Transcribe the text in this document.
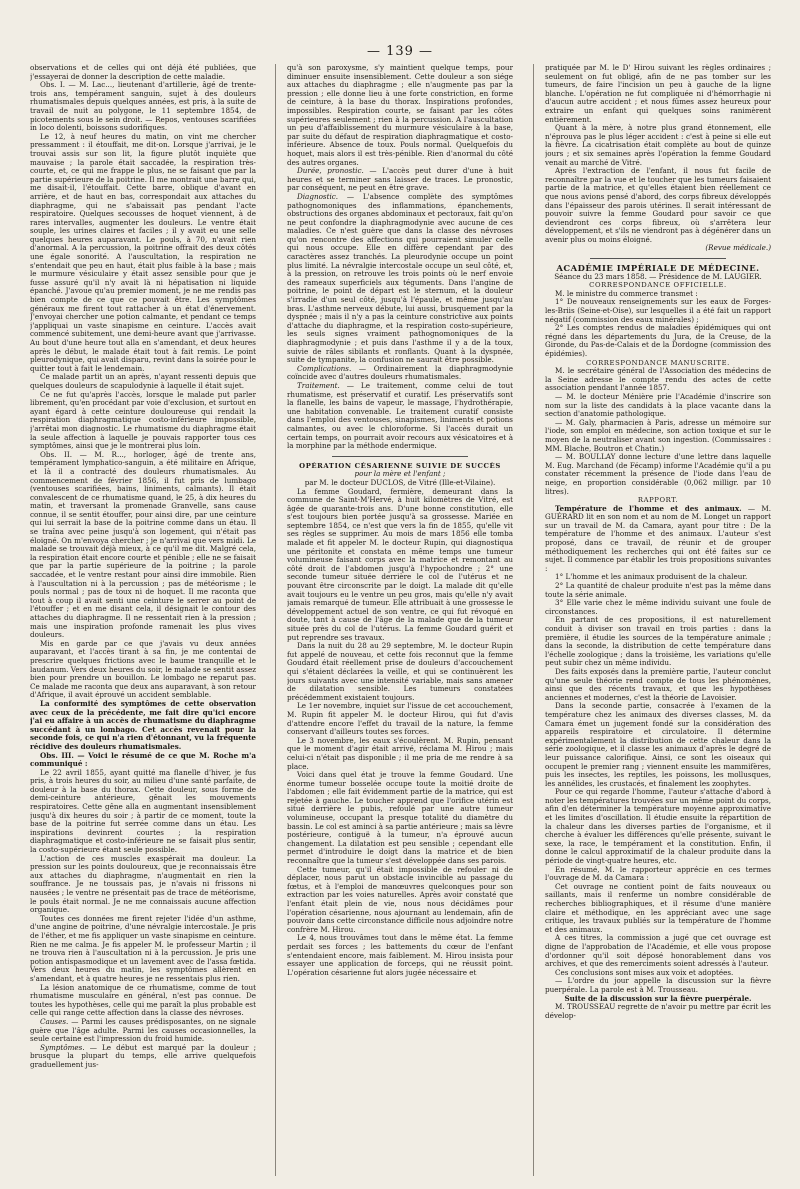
— 139 —

observations et de celles qui ont déjà été publiées, que j'essayerai de donner la description de cette maladie.

Obs. I. — M. Lac..., lieutenant d'artillerie, âgé de trente-trois ans, tempérament sanguin, sujet à des douleurs rhumatismales depuis quelques années, est pris, à la suite de travail de nuit au polygone, le 11 septembre 1854, de picotements sous le sein droit. — Repos, ventouses scarifiées in loco dolenti, boissons sudorifiques.

Le 12, à neuf heures du matin, on vint me chercher pressamment : il étouffait, me dit-on. Lorsque j'arrivai, je le trouvai assis sur son lit, la figure plutôt inquiète que mauvaise ; la parole était saccadée, la respiration très-courte, et, ce qui me frappe le plus, ne se faisant que par la partie supérieure de la poitrine. Il me montrait une barre qui, me disait-il, l'étouffait. Cette barre, oblique d'avant en arrière, et de haut en bas, correspondait aux attaches du diaphragme, qui ne s'abaissait pas pendant l'acte respiratoire. Quelques secousses de hoquet viennent, à de rares intervalles, augmenter les douleurs. Le ventre était souple, les urines claires et faciles ; il y avait eu une selle quelques heures auparavant. Le pouls, à 70, n'avait rien d'anormal. A la percussion, la poitrine offrait des deux côtés une égale sonorité. A l'auscultation, la respiration ne s'entendait que peu en haut, était plus faible à la base ; mais le murmure vésiculaire y était assez sensible pour que je fusse assuré qu'il n'y avait là ni hépatisation ni liquide épanché. J'avoue qu'au premier moment, je ne me rendis pas bien compte de ce que ce pouvait être. Les symptômes généraux me firent tout rattacher à un état d'énervement. J'envoyai chercher une potion calmante, et pendant ce temps j'appliquai un vaste sinapisme en ceinture. L'accès avait commencé subitement, une demi-heure avant que j'arrivasse. Au bout d'une heure tout alla en s'amendant, et deux heures après le début, le malade était tout à fait remis. Le point pleurodynique, qui avait disparu, revint dans la soirée pour le quitter tout à fait le lendemain.

Ce malade partit un an après, n'ayant ressenti depuis que quelques douleurs de scapulodynie à laquelle il était sujet.

Ce ne fut qu'après l'accès, lorsque le malade put parler librement, qu'en procédant par voie d'exclusion, et surtout en ayant égard à cette ceinture douloureuse qui rendait la respiration diaphragmatique costo-inférieure impossible, j'arrêtai mon diagnostic. Le rhumatisme du diaphragme était la seule affection à laquelle je pouvais rapporter tous ces symptômes, ainsi que je le montrerai plus loin.

Obs. II. — M. R..., horloger, âgé de trente ans, tempérament lymphatico-sanguin, a été militaire en Afrique, et là il a contracté des douleurs rhumatismales. Au commencement de février 1856, il fut pris de lumbago (ventouses scarifiées, bains, liniments, calmants). Il était convalescent de ce rhumatisme quand, le 25, à dix heures du matin, et traversant la promenade Granvelle, sans cause connue, il se sentit étouffer, pour ainsi dire, par une ceinture qui lui serrait la base de la poitrine comme dans un étau. Il se traîna avec peine jusqu'à son logement, qui n'était pas éloigné. On m'envoya chercher ; je n'arrivai que vers midi. Le malade se trouvait déjà mieux, à ce qu'il me dit. Malgré cela, la respiration était encore courte et pénible ; elle ne se faisait que par la partie supérieure de la poitrine ; la parole saccadée, et le ventre restant pour ainsi dire immobile. Rien à l'auscultation ni à la percussion ; pas de météorisme ; le pouls normal ; pas de toux ni de hoquet. Il me raconta que tout à coup il avait senti une ceinture le serrer au point de l'étouffer ; et en me disant cela, il désignait le contour des attaches du diaphragme. Il ne ressentait rien à la pression ; mais une inspiration profonde ramenait les plus vives douleurs.

Mis en garde par ce que j'avais vu deux années auparavant, et l'accès tirant à sa fin, je me contentai de prescrire quelques frictions avec le baume tranquille et le laudanum. Vers deux heures du soir, le malade se sentit assez bien pour prendre un bouillon. Le lombago ne reparut pas. Ce malade me raconta que deux ans auparavant, à son retour d'Afrique, il avait éprouvé un accident semblable.

La conformité des symptômes de cette observation avec ceux de la précédente, me fait dire qu'ici encore j'ai eu affaire à un accès de rhumatisme du diaphragme succédant à un lombago. Cet accès revenait pour la seconde fois, ce qui n'a rien d'étonnant, vu la fréquente récidive des douleurs rhumatismales.

Obs. III. — Voici le résumé de ce que M. Roche m'a communiqué :

Le 22 avril 1855, ayant quitté ma flanelle d'hiver, je fus pris, à trois heures du soir, au milieu d'une santé parfaite, de douleur à la base du thorax. Cette douleur, sous forme de demi-ceinture antérieure, gênait les mouvements respiratoires. Cette gêne alla en augmentant insensiblement jusqu'à dix heures du soir ; à partir de ce moment, toute la base de la poitrine fut serrée comme dans un étau. Les inspirations devinrent courtes ; la respiration diaphragmatique et costo-inférieure ne se faisait plus sentir, la costo-supérieure étant seule possible.

L'action de ces muscles exaspérait ma douleur. La pression sur les points douloureux, que je reconnaissais être aux attaches du diaphragme, n'augmentait en rien la souffrance. Je ne toussais pas, je n'avais ni frissons ni nausées ; le ventre ne présentait pas de trace de météorisme, le pouls était normal. Je ne me connaissais aucune affection organique.

Toutes ces données me firent rejeter l'idée d'un asthme, d'une angine de poitrine, d'une névralgie intercostale. Je pris de l'éther, et me fis appliquer un vaste sinapisme en ceinture. Rien ne me calma. Je fis appeler M. le professeur Martin ; il ne trouva rien à l'auscultation ni à la percussion. Je pris une potion antispasmodique et un lavement avec de l'assa fœtida. Vers deux heures du matin, les symptômes allèrent en s'amendant, et à quatre heures je ne ressentais plus rien.

La lésion anatomique de ce rhumatisme, comme de tout rhumatisme musculaire en général, n'est pas connue. De toutes les hypothèses, celle qui me paraît la plus probable est celle qui range cette affection dans la classe des névroses.

Causes. — Parmi les causes prédisposantes, on ne signale guère que l'âge adulte. Parmi les causes occasionnelles, la seule certaine est l'impression du froid humide.

Symptômes. — Le début est marqué par la douleur ; brusque la plupart du temps, elle arrive quelquefois graduellement jus-

qu'à son paroxysme, s'y maintient quelque temps, pour diminuer ensuite insensiblement. Cette douleur a son siége aux attaches du diaphragme ; elle n'augmente pas par la pression ; elle donne lieu à une forte constriction, en forme de ceinture, à la base du thorax. Inspirations profondes, impossibles. Respiration courte, se faisant par les côtes supérieures seulement ; rien à la percussion. A l'auscultation un peu d'affaiblissement du murmure vésiculaire à la base, par suite du défaut de respiration diaphragmatique et costo-inférieure. Absence de toux. Pouls normal. Quelquefois du hoquet, mais alors il est très-pénible. Rien d'anormal du côté des autres organes.

Durée, pronostic. — L'accès peut durer d'une à huit heures et se terminer sans laisser de traces. Le pronostic, par conséquent, ne peut en être grave.

Diagnostic. — L'absence complète des symptômes pathognomoniques des inflammations, épanchements, obstructions des organes abdominaux et pectoraux, fait qu'on ne peut confondre la diaphragmodynie avec aucune de ces maladies. Ce n'est guère que dans la classe des névroses qu'on rencontre des affections qui pourraient simuler celle qui nous occupe. Elle en diffère cependant par des caractères assez tranchés. La pleurodynie occupe un point plus limité. La névralgie intercostale occupe un seul côté, et, à la pression, on retrouve les trois points où le nerf envoie des rameaux superficiels aux téguments. Dans l'angine de poitrine, le point de départ est le sternum, et la douleur s'irradie d'un seul côté, jusqu'à l'épaule, et même jusqu'au bras. L'asthme nerveux débute, lui aussi, brusquement par la dyspnée ; mais il n'y a pas la ceinture constrictive aux points d'attache du diaphragme, et la respiration costo-supérieure, les seuls signes vraiment pathognomoniques de la diaphragmodynie ; et puis dans l'asthme il y a de la toux, suivie de râles sibilants et ronflants. Quant à la dyspnée, suite de tympanite, la confusion ne saurait être possible.

Complications. — Ordinairement la diaphragmodynie coïncide avec d'autres douleurs rhumatismales.

Traitement. — Le traitement, comme celui de tout rhumatisme, est préservatif et curatif. Les préservatifs sont la flanelle, les bains de vapeur, le massage, l'hydrothérapie, une habitation convenable. Le traitement curatif consiste dans l'emploi des ventouses, sinapismes, liniments et potions calmantes, ou avec le chloroforme. Si l'accès durait un certain temps, on pourrait avoir recours aux vésicatoires et à la morphine par la méthode endermique.

OPÉRATION CÉSARIENNE SUIVIE DE SUCCÈS

pour la mère et l'enfant ;

par M. le docteur DUCLOS, de Vitré (Ille-et-Vilaine).

La femme Goudard, fermière, demeurant dans la commune de Saint-M'Hervé, à huit kilomètres de Vitré, est âgée de quarante-trois ans. D'une bonne constitution, elle s'est toujours bien portée jusqu'à sa grossesse. Mariée en septembre 1854, ce n'est que vers la fin de 1855, qu'elle vit ses règles se supprimer. Au mois de mars 1856 elle tomba malade et fit appeler M. le docteur Rupin, qui diagnostiqua une péritonite et constata en même temps une tumeur volumineuse faisant corps avec la matrice et remontant au côté droit de l'abdomen jusqu'à l'hypochondre ; 2° une seconde tumeur située derrière le col de l'utérus et ne pouvant être circonscrite par le doigt. La malade dit qu'elle avait toujours eu le ventre un peu gros, mais qu'elle n'y avait jamais remarqué de tumeur. Elle attribuait à une grossesse le développement actuel de son ventre, ce qui fut révoqué en doute, tant à cause de l'âge de la malade que de la tumeur située près du col de l'utérus. La femme Goudard guérit et put reprendre ses travaux.

Dans la nuit du 28 au 29 septembre, M. le docteur Rupin fut appelé de nouveau, et cette fois reconnut que la femme Goudard était réellement prise de douleurs d'accouchement qui s'étaient déclarées la veille, et qui se continuèrent les jours suivants avec une intensité variable, mais sans amener de dilatation sensible. Les tumeurs constatées précédemment existaient toujours.

Le 1er novembre, inquiet sur l'issue de cet accouchement, M. Rupin fit appeler M. le docteur Hirou, qui fut d'avis d'attendre encore l'effet du travail de la nature, la femme conservant d'ailleurs toutes ses forces.

Le 3 novembre, les eaux s'écoulèrent. M. Rupin, pensant que le moment d'agir était arrivé, réclama M. Hirou ; mais celui-ci n'était pas disponible ; il me pria de me rendre à sa place.

Voici dans quel état je trouve la femme Goudard. Une énorme tumeur bosselée occupe toute la moitié droite de l'abdomen ; elle fait évidemment partie de la matrice, qui est rejetée à gauche. Le toucher apprend que l'orifice utérin est situé derrière le pubis, refoulé par une autre tumeur volumineuse, occupant la presque totalité du diamètre du bassin. Le col est aminci à sa partie antérieure ; mais sa lèvre postérieure, contiguë à la tumeur, n'a éprouvé aucun changement. La dilatation est peu sensible ; cependant elle permet d'introduire le doigt dans la matrice et de bien reconnaître que la tumeur s'est développée dans ses parois.

Cette tumeur, qu'il était impossible de refouler ni de déplacer, nous parut un obstacle invincible au passage du fœtus, et à l'emploi de manœuvres quelconques pour son extraction par les voies naturelles. Après avoir constaté que l'enfant était plein de vie, nous nous décidâmes pour l'opération césarienne, nous ajournant au lendemain, afin de pouvoir dans cette circonstance difficile nous adjoindre notre confrère M. Hirou.

Le 4, nous trouvâmes tout dans le même état. La femme perdait ses forces ; les battements du cœur de l'enfant s'entendaient encore, mais faiblement. M. Hirou insista pour essayer une application de forceps, qui ne réussit point. L'opération césarienne fut alors jugée nécessaire et

pratiquée par M. le D' Hirou suivant les règles ordinaires ; seulement on fut obligé, afin de ne pas tomber sur les tumeurs, de faire l'incision un peu à gauche de la ligne blanche. L'opération ne fut compliquée ni d'hémorrhagie ni d'aucun autre accident ; et nous fûmes assez heureux pour extraire un enfant qui quelques soins ranimèrent entièrement.

Quant à la mère, à notre plus grand étonnement, elle n'éprouva pas le plus léger accident : c'est à peine si elle eut la fièvre. La cicatrisation était complète au bout de quinze jours ; et six semaines après l'opération la femme Goudard venait au marché de Vitré.

Après l'extraction de l'enfant, il nous fut facile de reconnaître par la vue et le toucher que les tumeurs faisaient partie de la matrice, et qu'elles étaient bien réellement ce que nous avions pensé d'abord, des corps fibreux développés dans l'épaisseur des parois utérines. Il serait intéressant de pouvoir suivre la femme Goudard pour savoir ce que deviendront ces corps fibreux, où s'arrêtera leur développement, et s'ils ne viendront pas à dégénérer dans un avenir plus ou moins éloigné.

(Revue médicale.)

ACADÉMIE IMPÉRIALE DE MÉDECINE.

Séance du 23 mars 1858. — Présidence de M. LAUGIER.

CORRESPONDANCE OFFICIELLE.

M. le ministre du commerce transmet :

1° De nouveaux renseignements sur les eaux de Forges-les-Briis (Seine-et-Oise), sur lesquelles il a été fait un rapport négatif (commission des eaux minérales) ;

2° Les comptes rendus de maladies épidémiques qui ont régné dans les départements du Jura, de la Creuse, de la Gironde, du Pas-de-Calais et de la Dordogne (commission des épidémies).

CORRESPONDANCE MANUSCRITE.

M. le secrétaire général de l'Association des médecins de la Seine adresse le compte rendu des actes de cette association pendant l'année 1857.

— M. le docteur Ménière prie l'Académie d'inscrire son nom sur la liste des candidats à la place vacante dans la section d'anatomie pathologique.

— M. Galy, pharmacien à Paris, adresse un mémoire sur l'iode, son emploi en médecine, son action toxique et sur le moyen de la neutraliser avant son ingestion. (Commissaires : MM. Blache, Boutron et Chatin.)

— M. BOULLAY donne lecture d'une lettre dans laquelle M. Eug. Marchand (de Fécamp) informe l'Académie qu'il a pu constater récemment la présence de l'iode dans l'eau de neige, en proportion considérable (0,062 milligr. par 10 litres).

RAPPORT.

Température de l'homme et des animaux. — M. GUÉRARD lit en son nom et au nom de M. Longet un rapport sur un travail de M. da Camara, ayant pour titre : De la température de l'homme et des animaux. L'auteur s'est proposé, dans ce travail, de réunir et de grouper méthodiquement les recherches qui ont été faites sur ce sujet. Il commence par établir les trois propositions suivantes :

1° L'homme et les animaux produisent de la chaleur.

2° La quantité de chaleur produite n'est pas la même dans toute la série animale.

3° Elle varie chez le même individu suivant une foule de circonstances.

En partant de ces propositions, il est naturellement conduit à diviser son travail en trois parties : dans la première, il étudie les sources de la température animale ; dans la seconde, la distribution de cette température dans l'échelle zoologique ; dans la troisième, les variations qu'elle peut subir chez un même individu.

Des faits exposés dans la première partie, l'auteur conclut qu'une seule théorie rend compte de tous les phénomènes, ainsi que des récents travaux, et que les hypothèses anciennes et modernes, c'est la théorie de Lavoisier.

Dans la seconde partie, consacrée à l'examen de la température chez les animaux des diverses classes, M. da Camara émet un jugement fondé sur la considération des appareils respiratoire et circulatoire. Il détermine expérimentalement la distribution de cette chaleur dans la série zoologique, et il classe les animaux d'après le degré de leur puissance calorifique. Ainsi, ce sont les oiseaux qui occupent le premier rang ; viennent ensuite les mammifères, puis les insectes, les reptiles, les poissons, les mollusques, les annélides, les crustacés, et finalement les zoophytes.

Pour ce qui regarde l'homme, l'auteur s'attache d'abord à noter les températures trouvées sur un même point du corps, afin d'en déterminer la température moyenne approximative et les limites d'oscillation. Il étudie ensuite la répartition de la chaleur dans les diverses parties de l'organisme, et il cherche à évaluer les différences qu'elle présente, suivant le sexe, la race, le tempérament et la constitution. Enfin, il donne le calcul approximatif de la chaleur produite dans la période de vingt-quatre heures, etc.

En résumé, M. le rapporteur apprécie en ces termes l'ouvrage de M. da Camara :

Cet ouvrage ne contient point de faits nouveaux ou saillants, mais il renferme un nombre considérable de recherches bibliographiques, et il résume d'une manière claire et méthodique, en les appréciant avec une sage critique, les travaux publiés sur la température de l'homme et des animaux.

A ces titres, la commission a jugé que cet ouvrage est digne de l'approbation de l'Académie, et elle vous propose d'ordonner qu'il soit déposé honorablement dans vos archives, et que des remerciments soient adressés à l'auteur.

Ces conclusions sont mises aux voix et adoptées.

— L'ordre du jour appelle la discussion sur la fièvre puerpérale. La parole est à M. Trousseau.

Suite de la discussion sur la fièvre puerpérale.

M. TROUSSEAU regrette de n'avoir pu mettre par écrit les dévelop-
